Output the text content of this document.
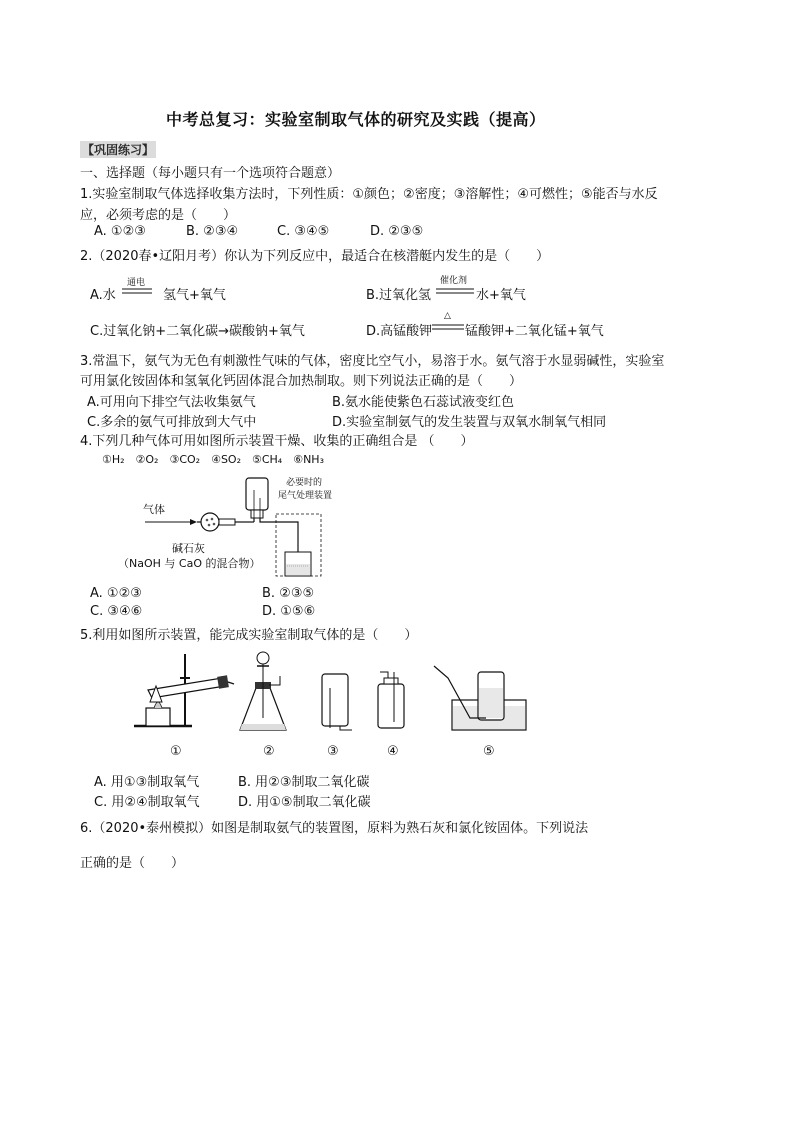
中考总复习：实验室制取气体的研究及实践（提高）
【巩固练习】
一、选择题（每小题只有一个选项符合题意）
1.实验室制取气体选择收集方法时，下列性质：①颜色；②密度；③溶解性；④可燃性；⑤能否与水反
应，必须考虑的是（　　）
A. ①②③	B. ②③④	C. ③④⑤	D. ②③⑤
2.（2020春•辽阳月考）你认为下列反应中，最适合在核潜艇内发生的是（　　）
A.水
通电
氢气+氧气	B.过氧化氢
催化剂
水+氧气
C.过氧化钠+二氧化碳→碳酸钠+氧气	D.高锰酸钾
△
锰酸钾+二氧化锰+氧气
3.常温下，氨气为无色有刺激性气味的气体，密度比空气小，易溶于水。氨气溶于水显弱碱性，实验室
可用氯化铵固体和氢氧化钙固体混合加热制取。则下列说法正确的是（　　）
A.可用向下排空气法收集氨气	B.氨水能使紫色石蕊试液变红色
C.多余的氨气可排放到大气中	D.实验室制氨气的发生装置与双氧水制氧气相同
4.下列几种气体可用如图所示装置干燥、收集的正确组合是 （　　）
①H₂　②O₂　③CO₂　④SO₂　⑤CH₄　⑥NH₃
气体
必要时的
尾气处理装置
碱石灰
（NaOH 与 CaO 的混合物）
A. ①②③	B. ②③⑤
C. ③④⑥	D. ①⑤⑥
5.利用如图所示装置，能完成实验室制取气体的是（　　）
①	②	③	④	⑤
A. 用①③制取氧气	B. 用②③制取二氧化碳
C. 用②④制取氧气	D. 用①⑤制取二氧化碳
6.（2020•泰州模拟）如图是制取氨气的装置图，原料为熟石灰和氯化铵固体。下列说法
正确的是（　　）
